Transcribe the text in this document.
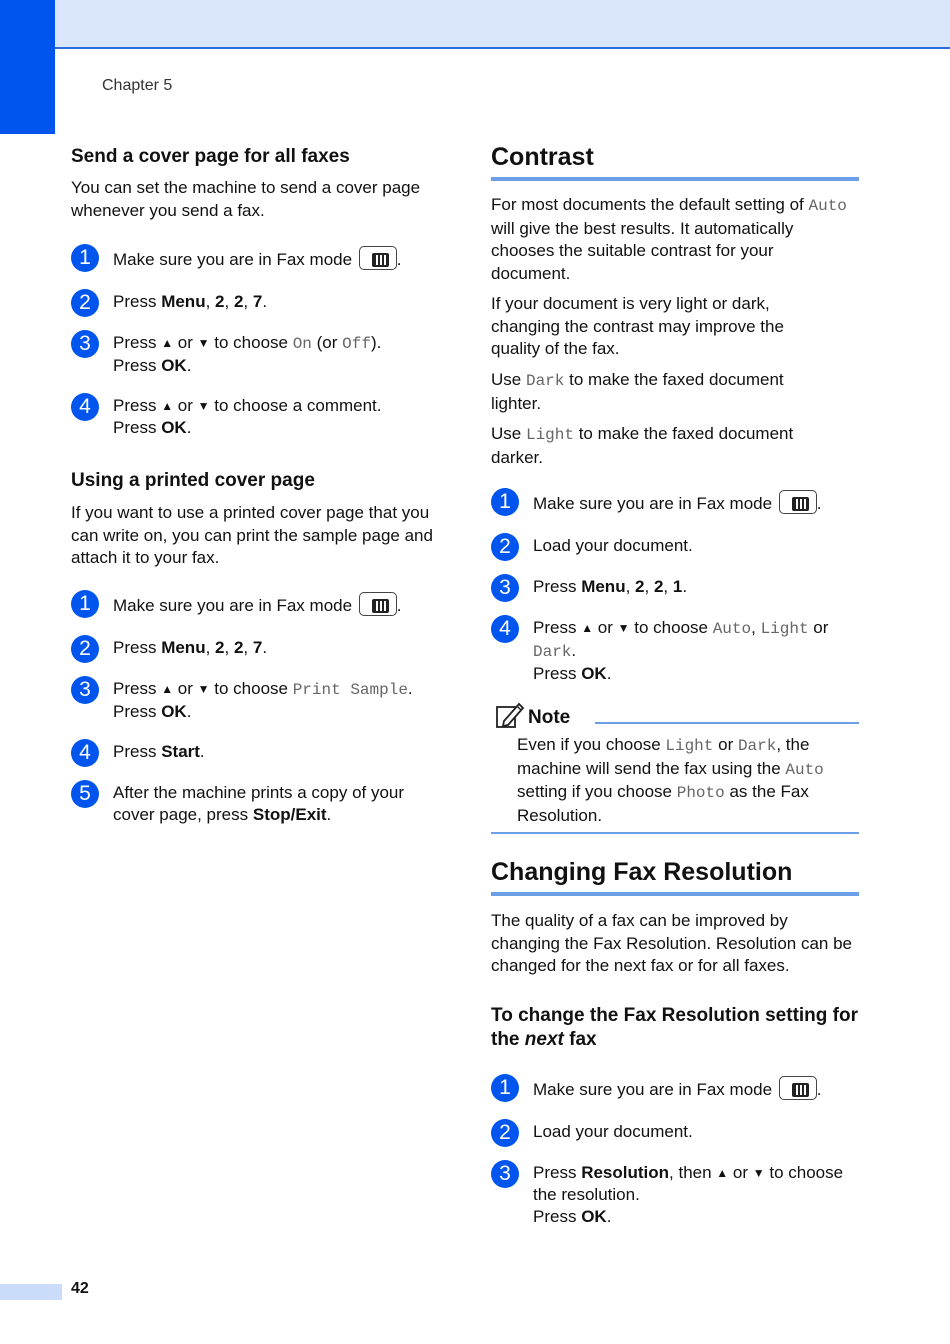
Chapter 5
Send a cover page for all faxes
You can set the machine to send a cover page whenever you send a fax.
1	Make sure you are in Fax mode	.
2	Press Menu, 2, 2, 7.
3	Press ▲ or ▼ to choose On (or Off).
Press OK.
4	Press ▲ or ▼ to choose a comment.
Press OK.
Using a printed cover page
If you want to use a printed cover page that you can write on, you can print the sample page and attach it to your fax.
1	Make sure you are in Fax mode	.
2	Press Menu, 2, 2, 7.
3	Press ▲ or ▼ to choose Print Sample.
Press OK.
4	Press Start.
5	After the machine prints a copy of your cover page, press Stop/Exit.
Contrast
For most documents the default setting of Auto will give the best results. It automatically chooses the suitable contrast for your document.
If your document is very light or dark, changing the contrast may improve the quality of the fax.
Use Dark to make the faxed document lighter.
Use Light to make the faxed document darker.
1	Make sure you are in Fax mode	.
2	Load your document.
3	Press Menu, 2, 2, 1.
4	Press ▲ or ▼ to choose Auto, Light or
Dark.
Press OK.
Note
Even if you choose Light or Dark, the machine will send the fax using the Auto setting if you choose Photo as the Fax Resolution.
Changing Fax Resolution
The quality of a fax can be improved by changing the Fax Resolution. Resolution can be changed for the next fax or for all faxes.
To change the Fax Resolution setting for the next fax
1	Make sure you are in Fax mode	.
2	Load your document.
3	Press Resolution, then ▲ or ▼ to choose the resolution.
Press OK.
42
